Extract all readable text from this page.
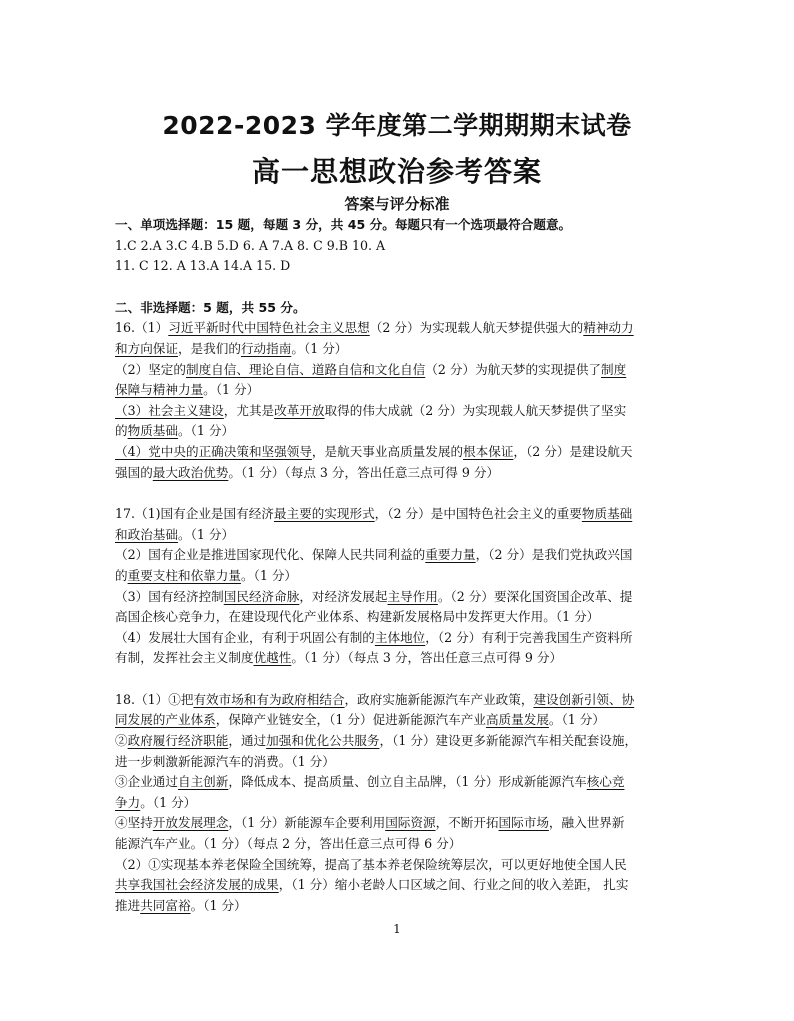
2022-2023 学年度第二学期期期末试卷
高一思想政治参考答案
答案与评分标准
一、单项选择题：15 题，每题 3 分，共 45 分。每题只有一个选项最符合题意。
1.C 2.A 3.C 4.B 5.D 6. A 7.A 8. C 9.B 10. A
11. C 12. A 13.A 14.A 15. D
二、非选择题：5 题，共 55 分。
16.（1）习近平新时代中国特色社会主义思想（2 分）为实现载人航天梦提供强大的精神动力
和方向保证，是我们的行动指南。（1 分）
（2）坚定的制度自信、理论自信、道路自信和文化自信（2 分）为航天梦的实现提供了制度
保障与精神力量。（1 分）
（3）社会主义建设，尤其是改革开放取得的伟大成就（2 分）为实现载人航天梦提供了坚实
的物质基础。（1 分）
（4）党中央的正确决策和坚强领导，是航天事业高质量发展的根本保证，（2 分）是建设航天
强国的最大政治优势。（1 分）（每点 3 分，答出任意三点可得 9 分）
17.（1)国有企业是国有经济最主要的实现形式，（2 分）是中国特色社会主义的重要物质基础
和政治基础。（1 分）
（2）国有企业是推进国家现代化、保障人民共同利益的重要力量，（2 分）是我们党执政兴国
的重要支柱和依靠力量。（1 分）
（3）国有经济控制国民经济命脉，对经济发展起主导作用。（2 分）要深化国资国企改革、提
高国企核心竞争力，在建设现代化产业体系、构建新发展格局中发挥更大作用。（1 分）
（4）发展壮大国有企业，有利于巩固公有制的主体地位，（2 分）有利于完善我国生产资料所
有制，发挥社会主义制度优越性。（1 分）（每点 3 分，答出任意三点可得 9 分）
18.（1）①把有效市场和有为政府相结合，政府实施新能源汽车产业政策，建设创新引领、协
同发展的产业体系，保障产业链安全，（1 分）促进新能源汽车产业高质量发展。（1 分）
②政府履行经济职能，通过加强和优化公共服务，（1 分）建设更多新能源汽车相关配套设施，
进一步刺激新能源汽车的消费。（1 分）
③企业通过自主创新，降低成本、提高质量、创立自主品牌，（1 分）形成新能源汽车核心竞
争力。（1 分）
④坚持开放发展理念，（1 分）新能源车企要利用国际资源，不断开拓国际市场，融入世界新
能源汽车产业。（1 分）（每点 2 分，答出任意三点可得 6 分）
（2）①实现基本养老保险全国统筹，提高了基本养老保险统筹层次，可以更好地使全国人民
共享我国社会经济发展的成果，（1 分）缩小老龄人口区域之间、行业之间的收入差距， 扎实
推进共同富裕。（1 分）
1
